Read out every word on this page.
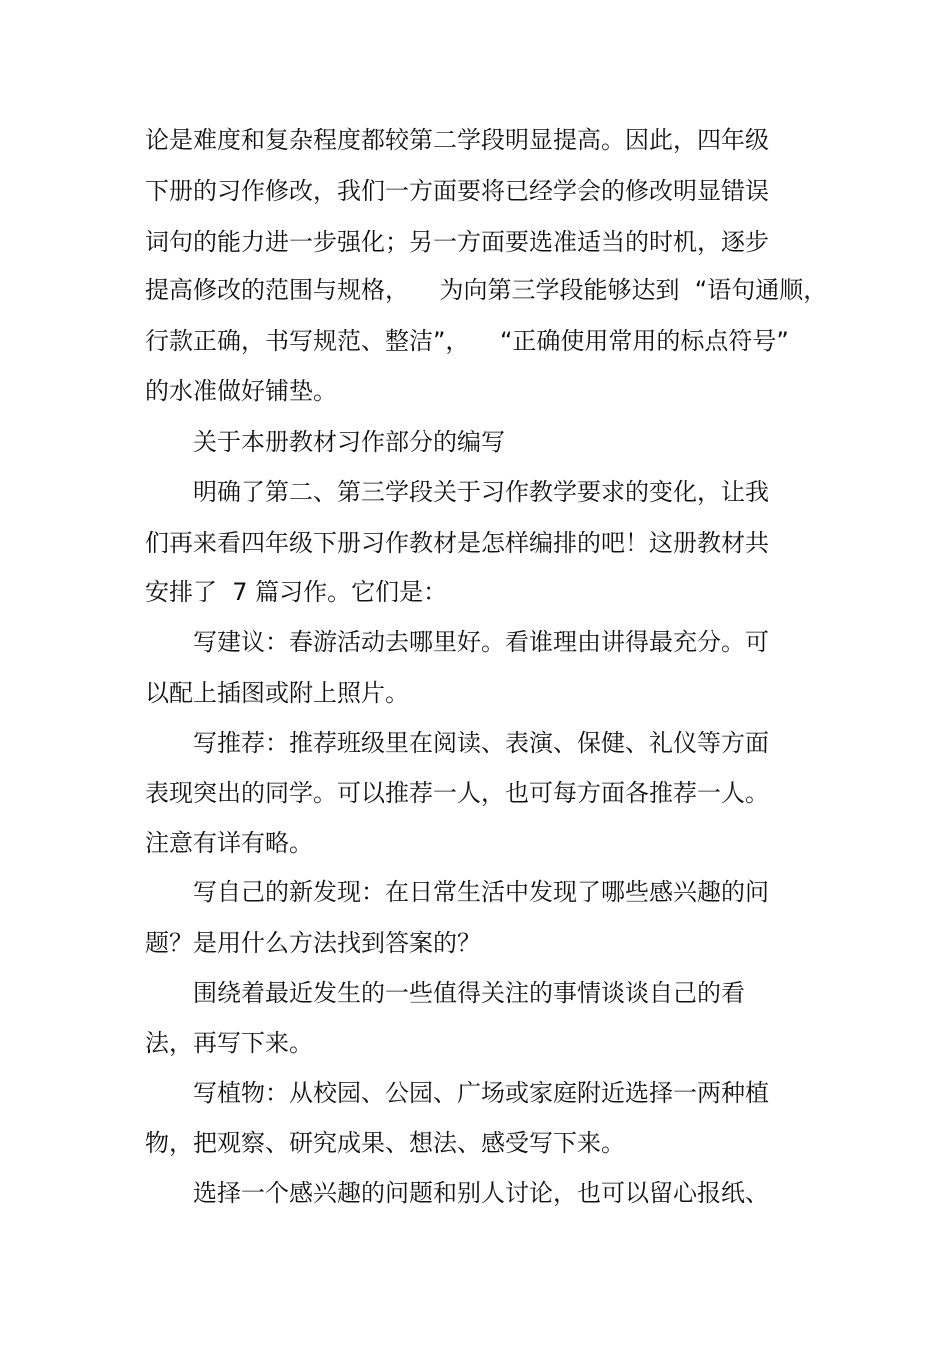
论是难度和复杂程度都较第二学段明显提高。因此，四年级
下册的习作修改，我们一方面要将已经学会的修改明显错误
词句的能力进一步强化；另一方面要选准适当的时机，逐步
提高修改的范围与规格，    为向第三学段能够达到  “语句通顺，
行款正确，书写规范、整洁”，    “正确使用常用的标点符号”
的水准做好铺垫。
关于本册教材习作部分的编写
明确了第二、第三学段关于习作教学要求的变化，让我
们再来看四年级下册习作教材是怎样编排的吧！这册教材共
安排了  7 篇习作。它们是：
写建议：春游活动去哪里好。看谁理由讲得最充分。可
以配上插图或附上照片。
写推荐：推荐班级里在阅读、表演、保健、礼仪等方面
表现突出的同学。可以推荐一人，也可每方面各推荐一人。
注意有详有略。
写自己的新发现：在日常生活中发现了哪些感兴趣的问
题？是用什么方法找到答案的？
围绕着最近发生的一些值得关注的事情谈谈自己的看
法，再写下来。
写植物：从校园、公园、广场或家庭附近选择一两种植
物，把观察、研究成果、想法、感受写下来。
选择一个感兴趣的问题和别人讨论，也可以留心报纸、
